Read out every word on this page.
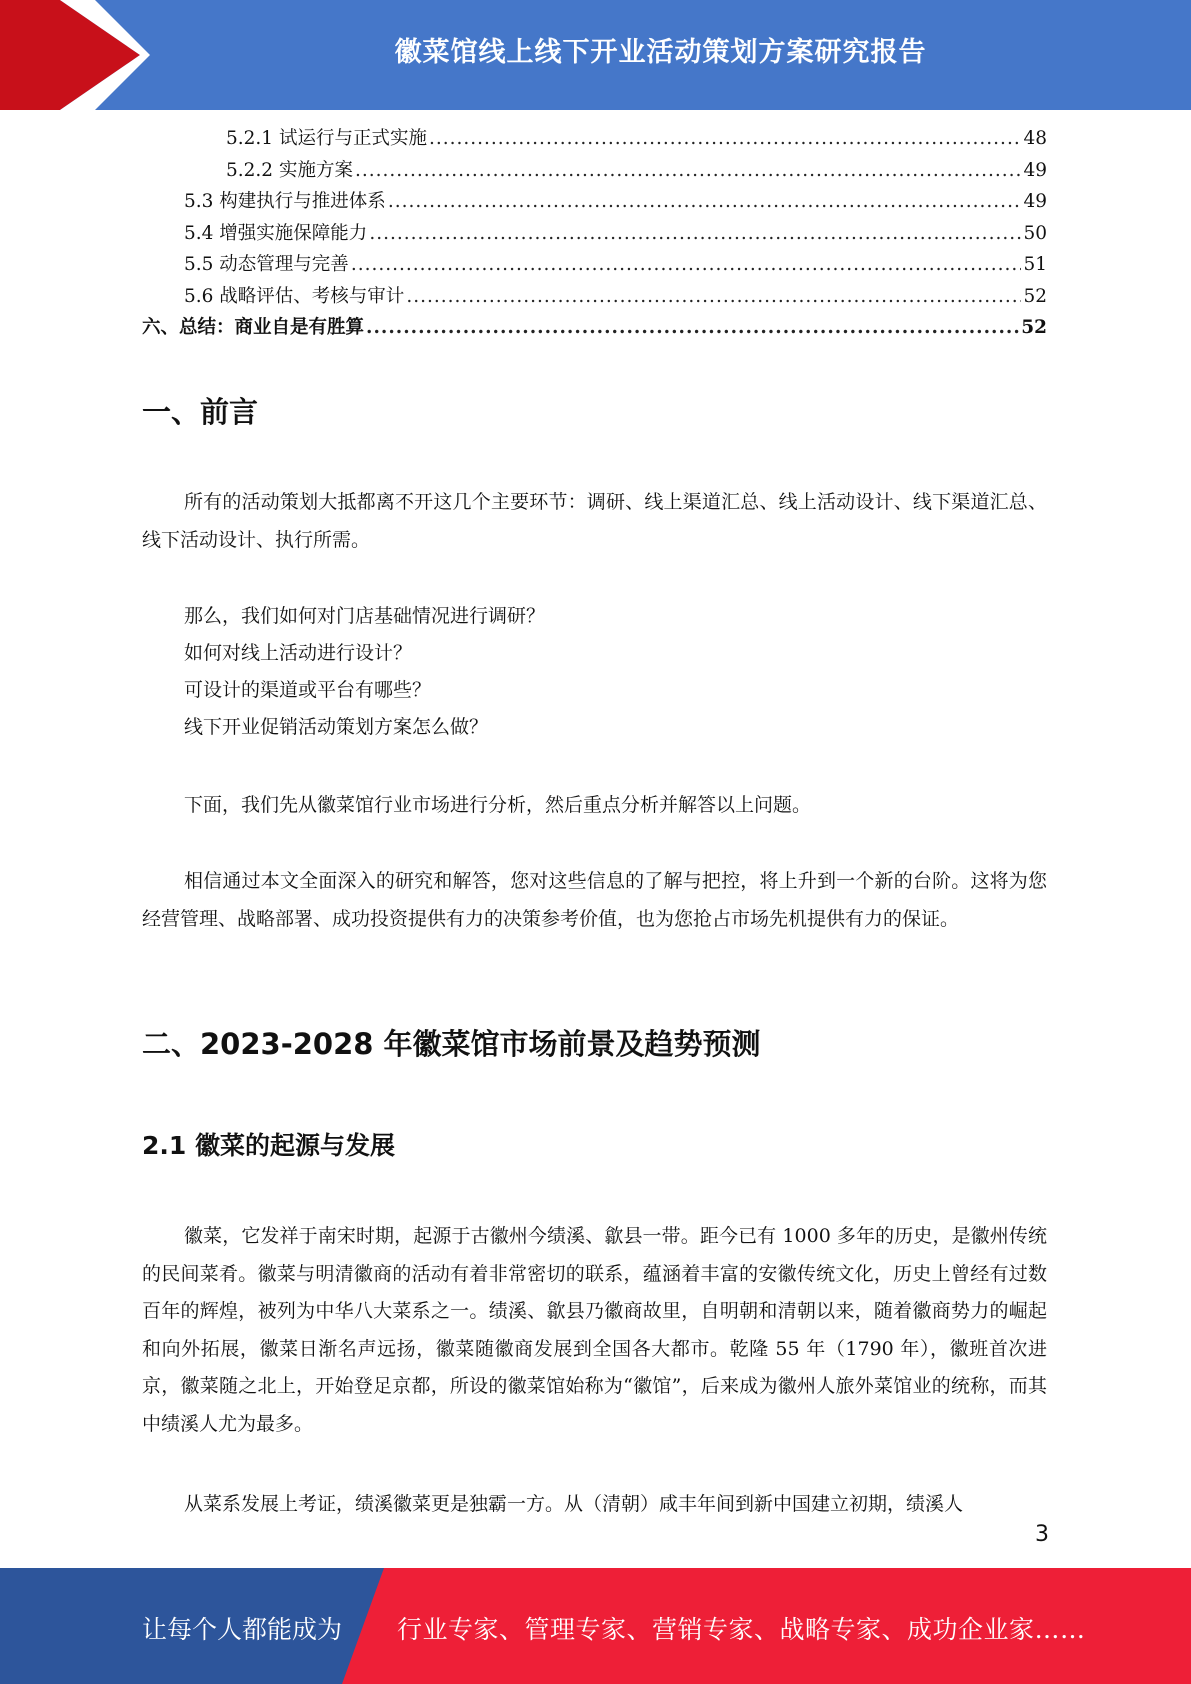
徽菜馆线上线下开业活动策划方案研究报告
5.2.1 试运行与正式实施 .....	48
5.2.2 实施方案 .....	49
5.3 构建执行与推进体系 .....	49
5.4 增强实施保障能力 .....	50
5.5 动态管理与完善 .....	51
5.6 战略评估、考核与审计 .....	52
六、总结：商业自是有胜算 .....	52
一、前言

所有的活动策划大抵都离不开这几个主要环节：调研、线上渠道汇总、线上活动设计、线下渠道汇总、线下活动设计、执行所需。

那么，我们如何对门店基础情况进行调研？

如何对线上活动进行设计？

可设计的渠道或平台有哪些？

线下开业促销活动策划方案怎么做？

下面，我们先从徽菜馆行业市场进行分析，然后重点分析并解答以上问题。

相信通过本文全面深入的研究和解答，您对这些信息的了解与把控，将上升到一个新的台阶。这将为您经营管理、战略部署、成功投资提供有力的决策参考价值，也为您抢占市场先机提供有力的保证。

二、2023-2028 年徽菜馆市场前景及趋势预测
2.1 徽菜的起源与发展

徽菜，它发祥于南宋时期，起源于古徽州今绩溪、歙县一带。距今已有 1000 多年的历史，是徽州传统的民间菜肴。徽菜与明清徽商的活动有着非常密切的联系，蕴涵着丰富的安徽传统文化，历史上曾经有过数百年的辉煌，被列为中华八大菜系之一。绩溪、歙县乃徽商故里，自明朝和清朝以来，随着徽商势力的崛起和向外拓展，徽菜日渐名声远扬，徽菜随徽商发展到全国各大都市。乾隆 55 年（1790 年），徽班首次进京，徽菜随之北上，开始登足京都，所设的徽菜馆始称为“徽馆”，后来成为徽州人旅外菜馆业的统称，而其中绩溪人尤为最多。

从菜系发展上考证，绩溪徽菜更是独霸一方。从（清朝）咸丰年间到新中国建立初期，绩溪人

3
让每个人都能成为 行业专家、管理专家、营销专家、战略专家、成功企业家……
